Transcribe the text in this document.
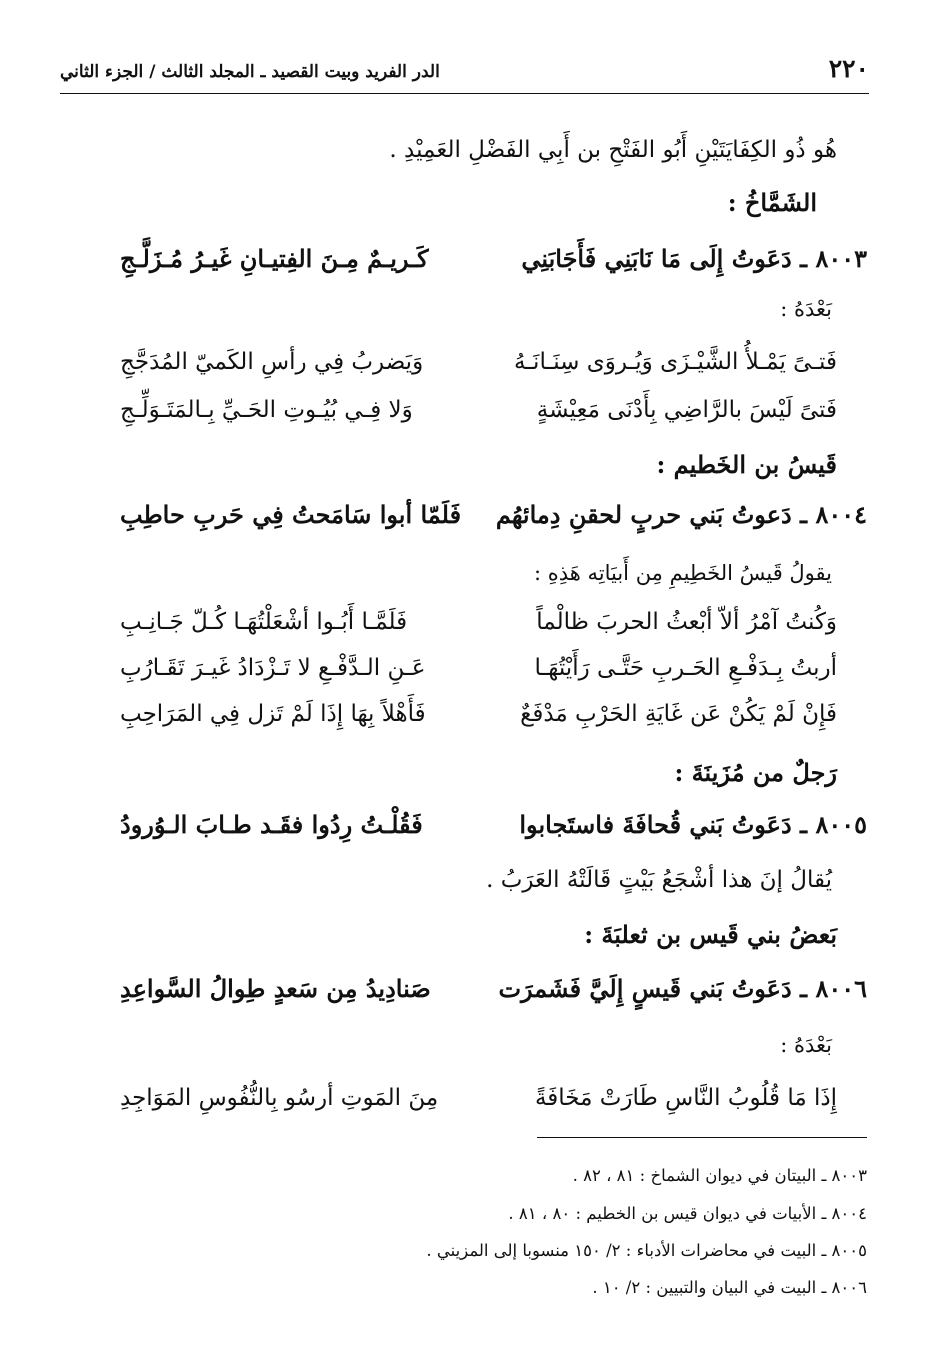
٢٢٠
الدر الفريد وبيت القصيد ـ المجلد الثالث / الجزء الثاني
هُو ذُو الكِفَايَتَيْنِ أَبُو الفَتْحِ بن أَبِي الفَضْلِ العَمِيْدِ .
الشَمَّاخُ :
٨٠٠٣ ـ دَعَوتُ إِلَى مَا نَابَنِي فَأَجَابَنِي
كَـريـمٌ مِـنَ الفِتيـانِ غَيـرُ مُـزَلَّـجِ
بَعْدَهُ :
فَتـىً يَمْـلأُ الشَّيْـزَى وَيُـروَى سِنَـانَـهُ
وَيَضربُ فِي رأسِ الكَميّ المُدَجَّجِ
فَتىً لَيْسَ بالرَّاضِي بِأَدْنَى مَعِيْشَةٍ
وَلا فِـي بُيُـوتِ الحَـيِّ بِـالمَتَـوَلِّـجِ
قَيسُ بن الخَطيم :
٨٠٠٤ ـ دَعوتُ بَني حربٍ لحقنِ دِمائهُم
فَلَمّا أبوا سَامَحتُ فِي حَربِ حاطِبِ
يقولُ قَيسُ الخَطِيمِ مِن أَبيَاتِه هَذِهِ :
وَكُنتُ آمْرُ ألاّ أبْعثُ الحربَ ظالْماً
فَلَمَّـا أَبُـوا أشْعَلْتُهَـا كُـلّ جَـانِـبِ
أربتُ بِـدَفْـعِ الحَـربِ حَتَّـى رَأَيْتُهَـا
عَـنِ الـدَّفْـعِ لا تَـزْدَادُ غَيـرَ تَقَـارُبِ
فَإِنْ لَمْ يَكُنْ عَن غَايَةِ الحَرْبِ مَدْفَعٌ
فَأَهْلاً بِهَا إِذَا لَمْ تَزل فِي المَرَاحِبِ
رَجلٌ من مُزَينَةَ :
٨٠٠٥ ـ دَعَوتُ بَني قُحافَةَ فاستَجابوا
فَقُلْـتُ رِدُوا فقَـد طـابَ الـوُرودُ
يُقالُ إنَ هذا أشْجَعُ بَيْتٍ قَالَتْهُ العَرَبُ .
بَعضُ بني قَيس بن ثعلبَةَ :
٨٠٠٦ ـ دَعَوتُ بَني قَيسٍ إِلَيَّ فَشَمرَت
صَنادِيدُ مِن سَعدٍ طِوالُ السَّواعِدِ
بَعْدَهُ :
إِذَا مَا قُلُوبُ النَّاسِ طَارَتْ مَخَافَةً
مِنَ المَوتِ أرسُو بِالنُّفُوسِ المَوَاجِدِ
٨٠٠٣ ـ البيتان في ديوان الشماخ : ٨١ ، ٨٢ .
٨٠٠٤ ـ الأبيات في ديوان قيس بن الخطيم : ٨٠ ، ٨١ .
٨٠٠٥ ـ البيت في محاضرات الأدباء : ٢/ ١٥٠ منسوبا إلى المزيني .
٨٠٠٦ ـ البيت في البيان والتبيين : ٢/ ١٠ .
